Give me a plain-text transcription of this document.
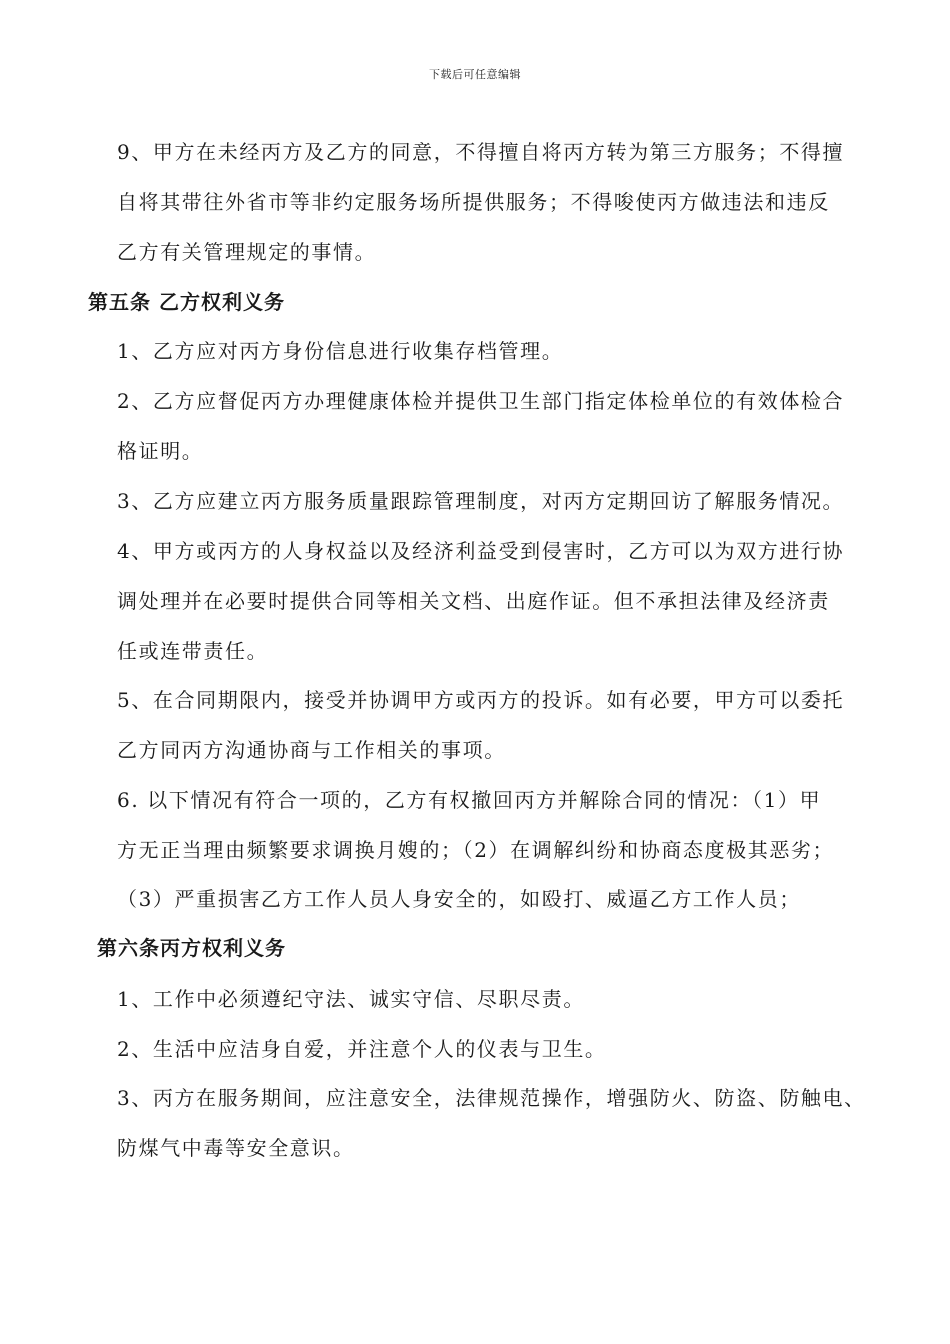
下载后可任意编辑
9、甲方在未经丙方及乙方的同意，不得擅自将丙方转为第三方服务；不得擅
自将其带往外省市等非约定服务场所提供服务；不得唆使丙方做违法和违反
乙方有关管理规定的事情。
第五条 乙方权利义务
1、乙方应对丙方身份信息进行收集存档管理。
2、乙方应督促丙方办理健康体检并提供卫生部门指定体检单位的有效体检合
格证明。
3、乙方应建立丙方服务质量跟踪管理制度，对丙方定期回访了解服务情况。
4、甲方或丙方的人身权益以及经济利益受到侵害时，乙方可以为双方进行协
调处理并在必要时提供合同等相关文档、出庭作证。但不承担法律及经济责
任或连带责任。
5、在合同期限内，接受并协调甲方或丙方的投诉。如有必要，甲方可以委托
乙方同丙方沟通协商与工作相关的事项。
6. 以下情况有符合一项的，乙方有权撤回丙方并解除合同的情况：（1）甲
方无正当理由频繁要求调换月嫂的；（2）在调解纠纷和协商态度极其恶劣；
（3）严重损害乙方工作人员人身安全的，如殴打、威逼乙方工作人员；
第六条丙方权利义务
1、工作中必须遵纪守法、诚实守信、尽职尽责。
2、生活中应洁身自爱，并注意个人的仪表与卫生。
3、丙方在服务期间，应注意安全，法律规范操作，增强防火、防盗、防触电、
防煤气中毒等安全意识。
